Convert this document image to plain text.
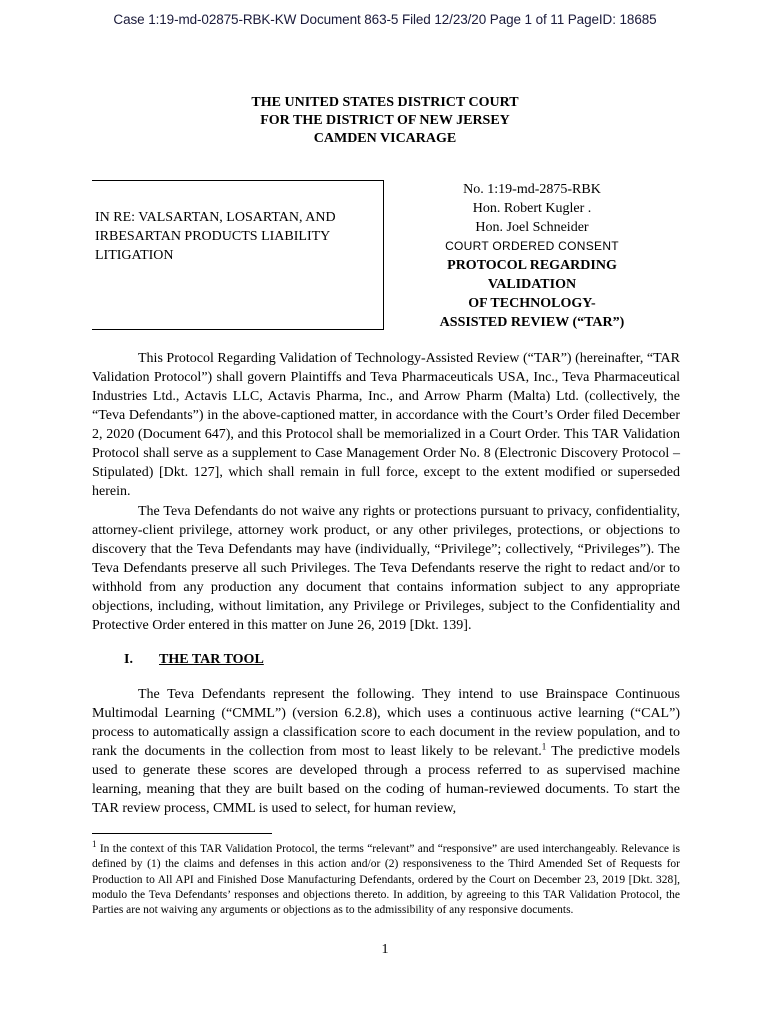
Case 1:19-md-02875-RBK-KW Document 863-5 Filed 12/23/20 Page 1 of 11 PageID: 18685
THE UNITED STATES DISTRICT COURT
FOR THE DISTRICT OF NEW JERSEY
CAMDEN VICARAGE
IN RE: VALSARTAN, LOSARTAN, AND IRBESARTAN PRODUCTS LIABILITY LITIGATION
No. 1:19-md-2875-RBK
Hon. Robert Kugler .
Hon. Joel Schneider
COURT ORDERED CONSENT
PROTOCOL REGARDING
VALIDATION
OF TECHNOLOGY-
ASSISTED REVIEW (“TAR”)

This Protocol Regarding Validation of Technology-Assisted Review (“TAR”) (hereinafter, “TAR Validation Protocol”) shall govern Plaintiffs and Teva Pharmaceuticals USA, Inc., Teva Pharmaceutical Industries Ltd., Actavis LLC, Actavis Pharma, Inc., and Arrow Pharm (Malta) Ltd. (collectively, the “Teva Defendants”) in the above-captioned matter, in accordance with the Court’s Order filed December 2, 2020 (Document 647), and this Protocol shall be memorialized in a Court Order. This TAR Validation Protocol shall serve as a supplement to Case Management Order No. 8 (Electronic Discovery Protocol – Stipulated) [Dkt. 127], which shall remain in full force, except to the extent modified or superseded herein.

The Teva Defendants do not waive any rights or protections pursuant to privacy, confidentiality, attorney-client privilege, attorney work product, or any other privileges, protections, or objections to discovery that the Teva Defendants may have (individually, “Privilege”; collectively, “Privileges”). The Teva Defendants preserve all such Privileges. The Teva Defendants reserve the right to redact and/or to withhold from any production any document that contains information subject to any appropriate objections, including, without limitation, any Privilege or Privileges, subject to the Confidentiality and Protective Order entered in this matter on June 26, 2019 [Dkt. 139].

I. THE TAR TOOL

The Teva Defendants represent the following. They intend to use Brainspace Continuous Multimodal Learning (“CMML”) (version 6.2.8), which uses a continuous active learning (“CAL”) process to automatically assign a classification score to each document in the review population, and to rank the documents in the collection from most to least likely to be relevant.$^1$ The predictive models used to generate these scores are developed through a process referred to as supervised machine learning, meaning that they are built based on the coding of human-reviewed documents. To start the TAR review process, CMML is used to select, for human review,

$^1$ In the context of this TAR Validation Protocol, the terms “relevant” and “responsive” are used interchangeably. Relevance is defined by (1) the claims and defenses in this action and/or (2) responsiveness to the Third Amended Set of Requests for Production to All API and Finished Dose Manufacturing Defendants, ordered by the Court on December 23, 2019 [Dkt. 328], modulo the Teva Defendants’ responses and objections thereto. In addition, by agreeing to this TAR Validation Protocol, the Parties are not waiving any arguments or objections as to the admissibility of any responsive documents.

1
